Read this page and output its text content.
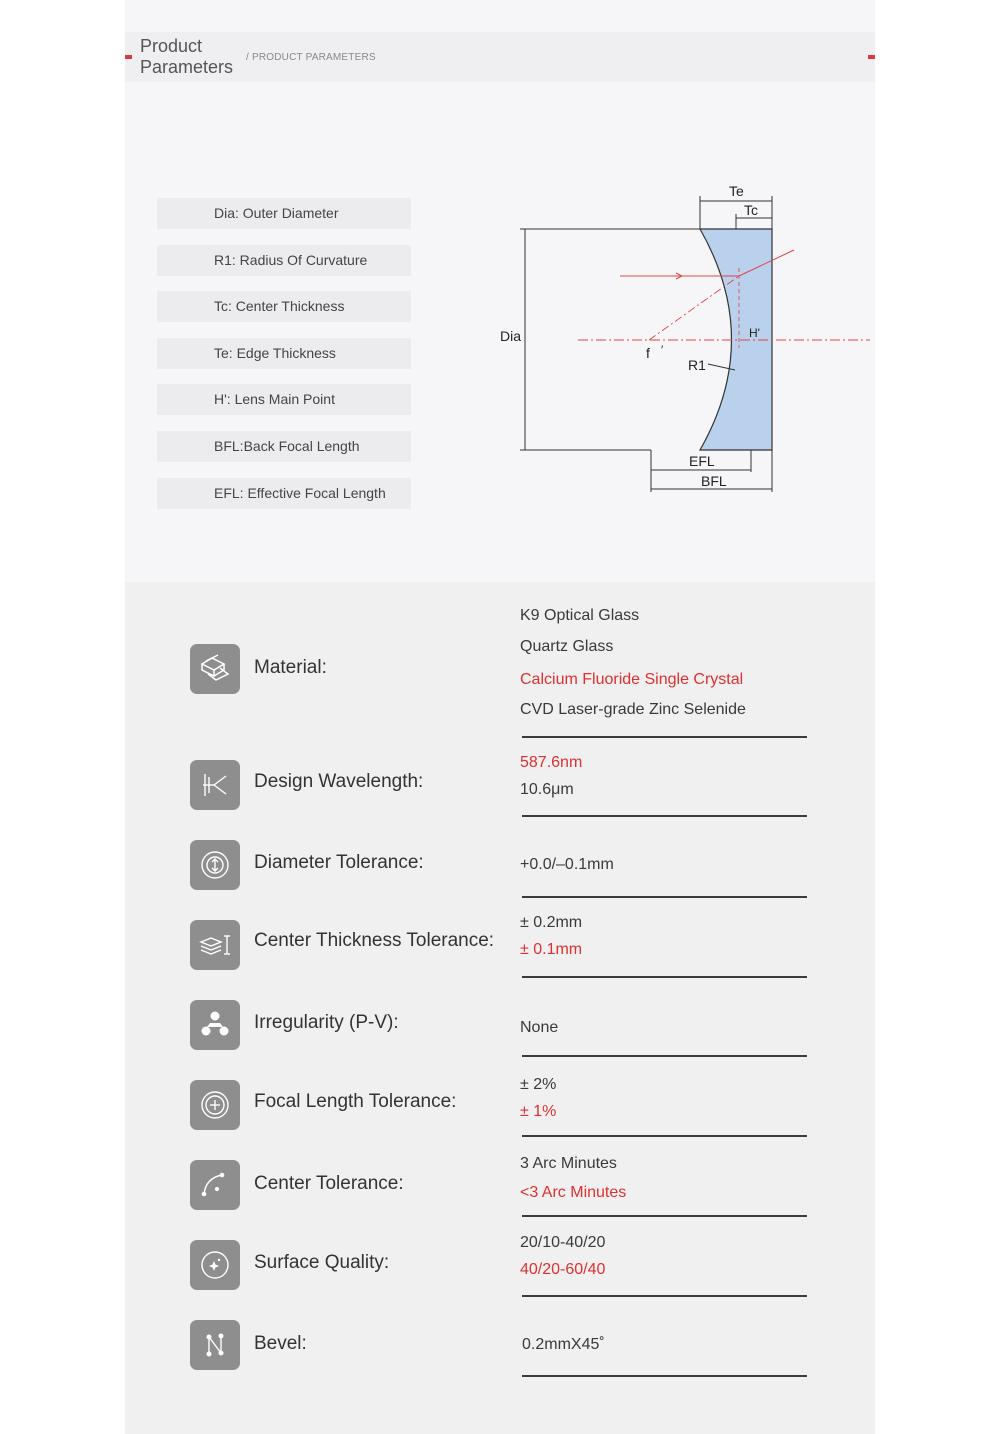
Product Parameters	/ PRODUCT PARAMETERS
Dia: Outer Diameter
R1: Radius Of Curvature
Tc: Center Thickness
Te: Edge Thickness
H': Lens Main Point
BFL:Back Focal Length
EFL: Effective Focal Length
Te
Tc
Dia	H'
f ′
R1
EFL
BFL
Material:
K9 Optical Glass
Quartz Glass
Calcium Fluoride Single Crystal
CVD Laser-grade Zinc Selenide
Design Wavelength:
587.6nm
10.6μm
Diameter Tolerance:	+0.0/–0.1mm
Center Thickness Tolerance:
± 0.2mm
± 0.1mm
Irregularity (P-V):	None
Focal Length Tolerance:
± 2%
± 1%
Center Tolerance:
3 Arc Minutes
<3 Arc Minutes
Surface Quality:
20/10-40/20
40/20-60/40
Bevel:	0.2mmX45˚
